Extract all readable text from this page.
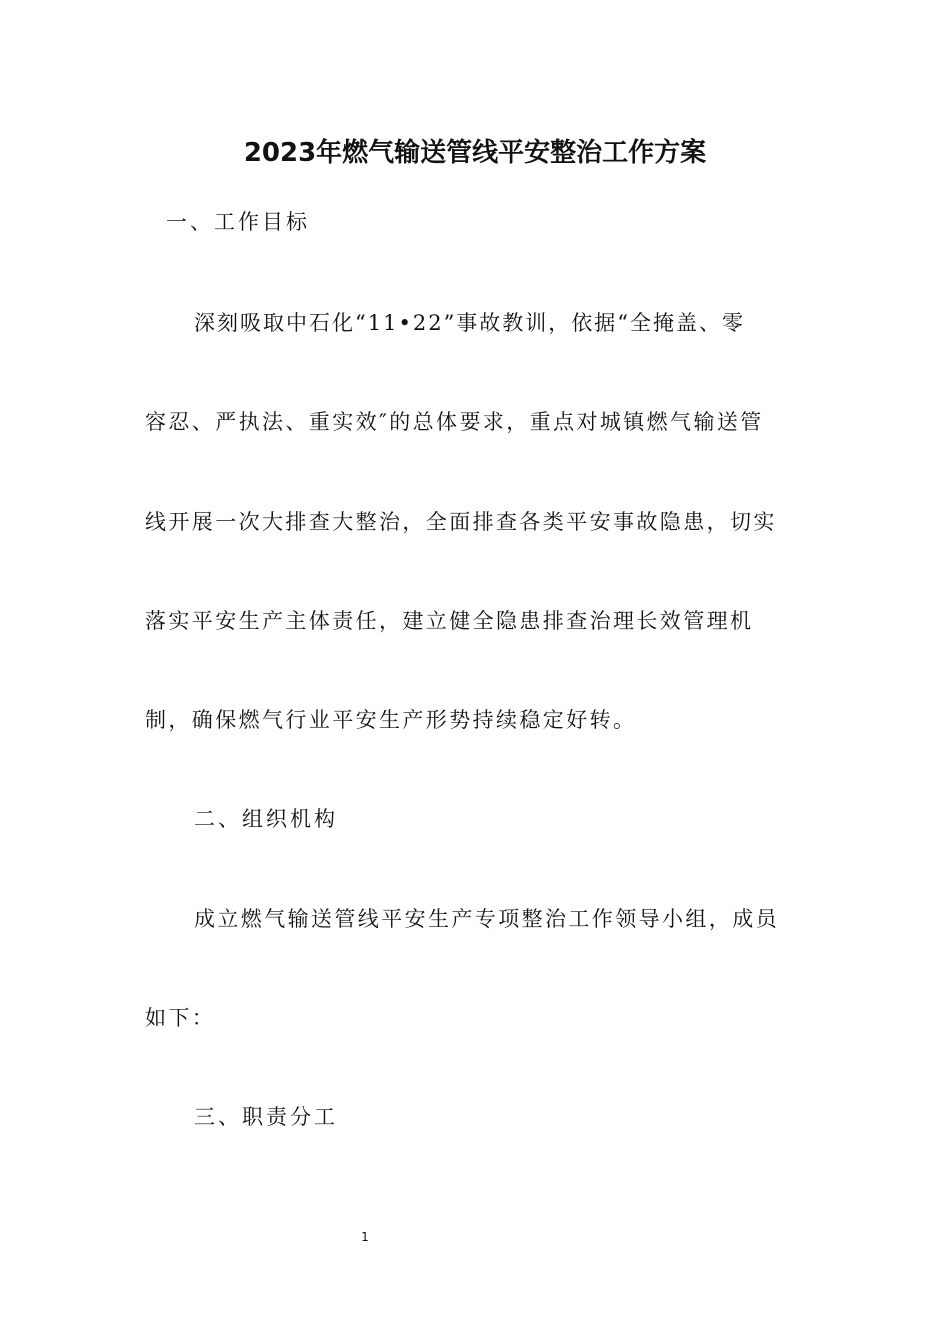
2023年燃气输送管线平安整治工作方案
一、工作目标
深刻吸取中石化“11•22”事故教训，依据“全掩盖、零
容忍、严执法、重实效″的总体要求，重点对城镇燃气输送管
线开展一次大排查大整治，全面排查各类平安事故隐患，切实
落实平安生产主体责任，建立健全隐患排查治理长效管理机
制，确保燃气行业平安生产形势持续稳定好转。
二、组织机构
成立燃气输送管线平安生产专项整治工作领导小组，成员
如下：
三、职责分工
1
